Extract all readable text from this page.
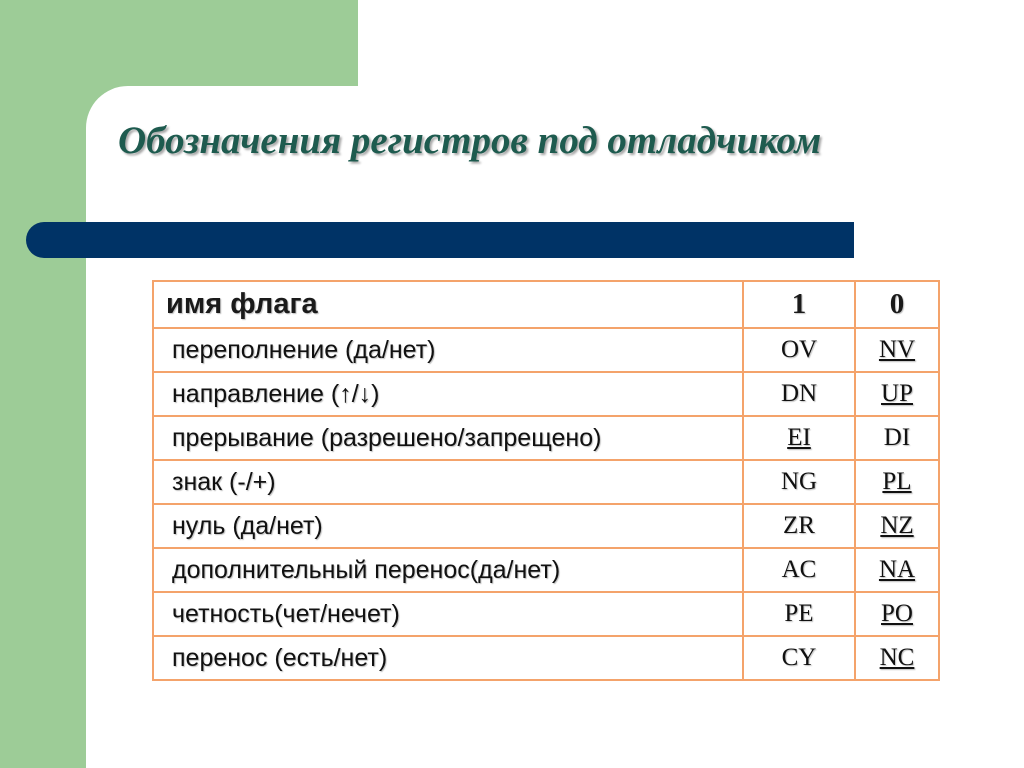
Обозначения регистров под отладчиком
имя флага	1	0
переполнение (да/нет)	OV	NV
направление (↑/↓)	DN	UP
прерывание (разрешено/запрещено)	EI	DI
знак (-/+)	NG	PL
нуль (да/нет)	ZR	NZ
дополнительный перенос(да/нет)	AC	NA
четность(чет/нечет)	PE	PO
перенос (есть/нет)	CY	NC
